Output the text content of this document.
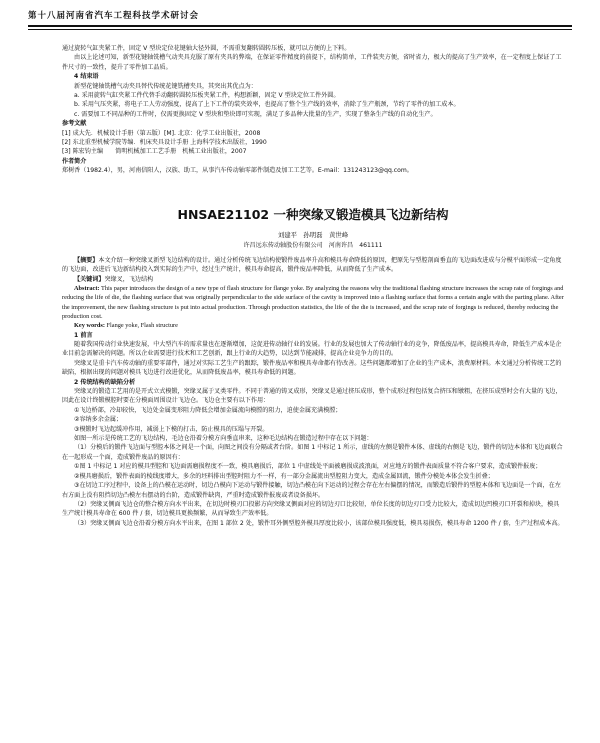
第十八届河南省汽车工程科技学术研讨会

通过旋转气缸夹紧工件，固定 V 型块定位花键轴大径外圆，不需重复翻转圆转压板，就可以方便的上下料。

由以上论述可知，新型花键轴铣槽气动夹具克服了原有夹具的弊端，在保证零件精度的前提下，结构简单，工件装夹方便，省时省力，极大的提高了生产效率，在一定程度上保证了工件尺寸的一致性，提升了零件加工品质。

4 结束语

新型花键轴铣槽气动夹具替代传统花键铣槽夹具，其突出其优点为：

a. 采用旋转气缸夹紧工件代替手动翻转圆转压板夹紧工件，构想新颖，固定 V 型块定位工件外圆。

b. 采用气压夹紧，将电子工人劳动强度，提高了上下工件的装夹效率，也提高了整个生产线的效率，消除了生产瓶颈，节约了零件的加工成本。

c. 需要加工不同品种的工件时，仅需更换固定 V 型块和垫块即可实现，满足了多品种大批量的生产，实现了整条生产线的自动化生产。

参考文献

[1] 成大先．机械设计手册（第五版）[M]. 北京：化学工业出版社，2008

[2] 东北重型机械学院等编．机床夹具设计手册 上海科学技术出版社，1990

[3] 陈宏钧主编　　简明机械加工工艺手册　机械工业出版社，2007

作者简介

郑树香（1982.4），男，河南信阳人，汉族、助工，从事汽车传动轴零部件制造及加工工艺等。E-mail：131243123@qq.com。

HNSAE21102 一种突缘叉锻造模具飞边新结构

刘建平　孙明磊　黄世峰

许昌远东传动轴股份有限公司　河南许昌　461111

【摘要】本文介绍一种突缘叉新型飞边结构的设计。通过分析传统飞边结构使锻件废品率升高和模具寿命降低的原因，把原先与型腔剖面垂直的飞边面改进成与分模平面形成一定角度的飞边面，改进后飞边新结构投入到实际的生产中，经过生产统计，模具寿命提高，锻件废品率降低，从而降低了生产成本。

【关键词】突缘叉，飞边结构

Abstract: This paper introduces the design of a new type of flash structure for flange yoke. By analyzing the reasons why the traditional flashing structure increases the scrap rate of forgings and reducing the life of die, the flashing surface that was originally perpendicular to the side surface of the cavity is improved into a flashing surface that forms a certain angle with the parting plane. After the improvement, the new flashing structure is put into actual production. Through production statistics, the life of the die is increased, and the scrap rate of forgings is reduced, thereby reducing the production cost.

Key words: Flange yoke, Flash structure

1 前言

随着我国传动行业快速发展，中大型汽车的需求量也在逐渐增加，这促进传动轴行业的发展。行业的发展也加大了传动轴行业的竞争，降低废品率，提高模具寿命，降低生产成本是企业目前急需解决的问题。所以企业需要进行技术和工艺创新，跟上行业的大趋势，以达到节能减排，提高企业竞争力的目的。

突缘叉是重卡汽车传动轴的重要零部件，通过对实际工艺生产的跟踪，锻件废品率和模具寿命都有待改善。这些问题都增加了企业的生产成本，浪费原材料。本文通过分析传统工艺的缺陷，根据出现的问题对模具飞边进行改进优化，从而降低废品率，模具寿命低的问题。

2 传统结构的缺陷分析

突缘叉的锻造工艺用的是开式立式模锻，突缘叉属于叉类零件。不同于普通的铸叉成形，突缘叉是通过挤压成形，整个成形过程包括复合挤压和镦粗，在挤压成型时会有大量的飞边，因此在设计终锻模腔时要在分模面周围设计飞边仓。飞边仓主要有以下作用：

①飞边桥部，冷却较快，飞边处金属变形阻力降低会增加金属流向模膛的阻力，迫使金属充满模膛；

②容纳多余金属；

③模锻时飞边起缓冲作用，减弱上下模的打击，防止模具的压塌与开裂。

如图一所示是传统工艺的飞边结构，毛边仓沿着分模方向垂直串来，这种毛边结构在锻造过程中存在以下问题：

（1）分模后的锻件飞边面与型腔本体之间是一个面，向图之间没有分隔或者台阶。如图 1 中标记 1 所示，虚线的左侧是锻件本体、虚线的右侧是飞边，锻件的切边本体和飞边面联合在一起形成一个面，造成锻件废品的原因有：

①图 1 中标记 1 对应的模具型腔和飞边面需磨损程度不一致，模具磨损后，部位 1 中虚线处平面被磨损成波浪面，对应地方的锻件表面质量不符合客户要求，造成锻件报废；

②模具磨损后，锻件表面的棱线度增大，多余的坯料排出型腔时阻力不一样，有一部分金属流出型腔阻力变大，造成金属回流，锻件分模处本体会发生折叠；

③在切边工序过程中，设备上的凸模在运动时，切边凸模向下运动与锻件接触，切边凸模在向下运动的过程会存在左右偏摆的情况，而锻造后锻件的型腔本体和飞边面是一个面，在左右方面上没有阻挡切边凸模左右摆动的台阶，造成锻件缺肉，严重时造成锻件报废或者设备损坏。

（2）突缘叉侧面飞边仓的整合模方向水平出来，在切边时模刃口投影方向突缘叉侧面对应的切边刃口比较短，单位长度的切边刃口受力比较大，造成切边凹模刃口开裂和掉块，模具生产统计模具寿命在 600 件 / 套，切边模具更换频繁，从而导致生产效率低。

（3）突缘叉侧面飞边仓沿着分模方向水平出来，在图 1 部位 2 处，锻件耳外侧型腔外模具厚度比较小，该部位模具强度低，模具易损伤，模具寿命 1200 件 / 套，生产过程成本高。
